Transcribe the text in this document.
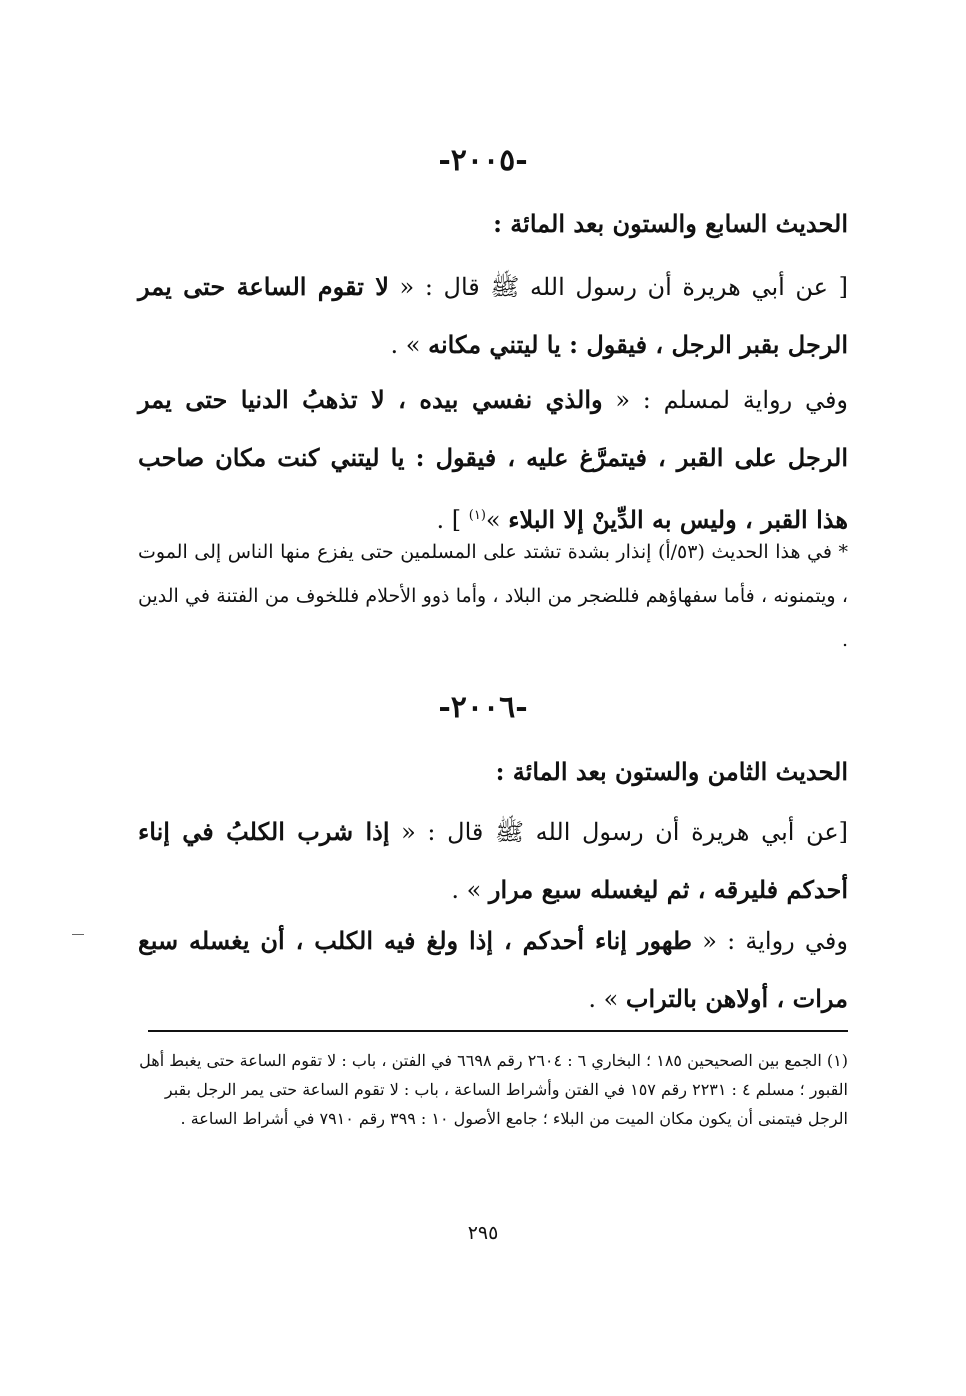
-٢٠٠٥-
الحديث السابع والستون بعد المائة :
[ عن أبي هريرة أن رسول الله ﷺ قال : « لا تقوم الساعة حتى يمر الرجل بقبر الرجل ، فيقول : يا ليتني مكانه » .
وفي رواية لمسلم : « والذي نفسي بيده ، لا تذهبُ الدنيا حتى يمر الرجل على القبر ، فيتمرَّغ عليه ، فيقول : يا ليتني كنت مكان صاحب هذا القبر ، وليس به الدِّينْ إلا البلاء »$^{(١)}$ ] .
* في هذا الحديث (٥٣/أ) إنذار بشدة تشتد على المسلمين حتى يفزع منها الناس إلى الموت ، ويتمنونه ، فأما سفهاؤهم فللضجر من البلاد ، وأما ذوو الأحلام فللخوف من الفتنة في الدين .
-٢٠٠٦-
الحديث الثامن والستون بعد المائة :
[عن أبي هريرة أن رسول الله ﷺ قال : « إذا شرب الكلبُ في إناء أحدكم فليرقه ، ثم ليغسله سبع مرار » .
وفي رواية : « طهور إناء أحدكم ، إذا ولغ فيه الكلب ، أن يغسله سبع مرات ، أولاهن بالتراب » .
(١) الجمع بين الصحيحين ١٨٥ ؛ البخاري ٦ : ٢٦٠٤ رقم ٦٦٩٨ في الفتن ، باب : لا تقوم الساعة حتى يغبط أهل القبور ؛ مسلم ٤ : ٢٢٣١ رقم ١٥٧ في الفتن وأشراط الساعة ، باب : لا تقوم الساعة حتى يمر الرجل بقبر الرجل فيتمنى أن يكون مكان الميت من البلاء ؛ جامع الأصول ١٠ : ٣٩٩ رقم ٧٩١٠ في أشراط الساعة .
٢٩٥
